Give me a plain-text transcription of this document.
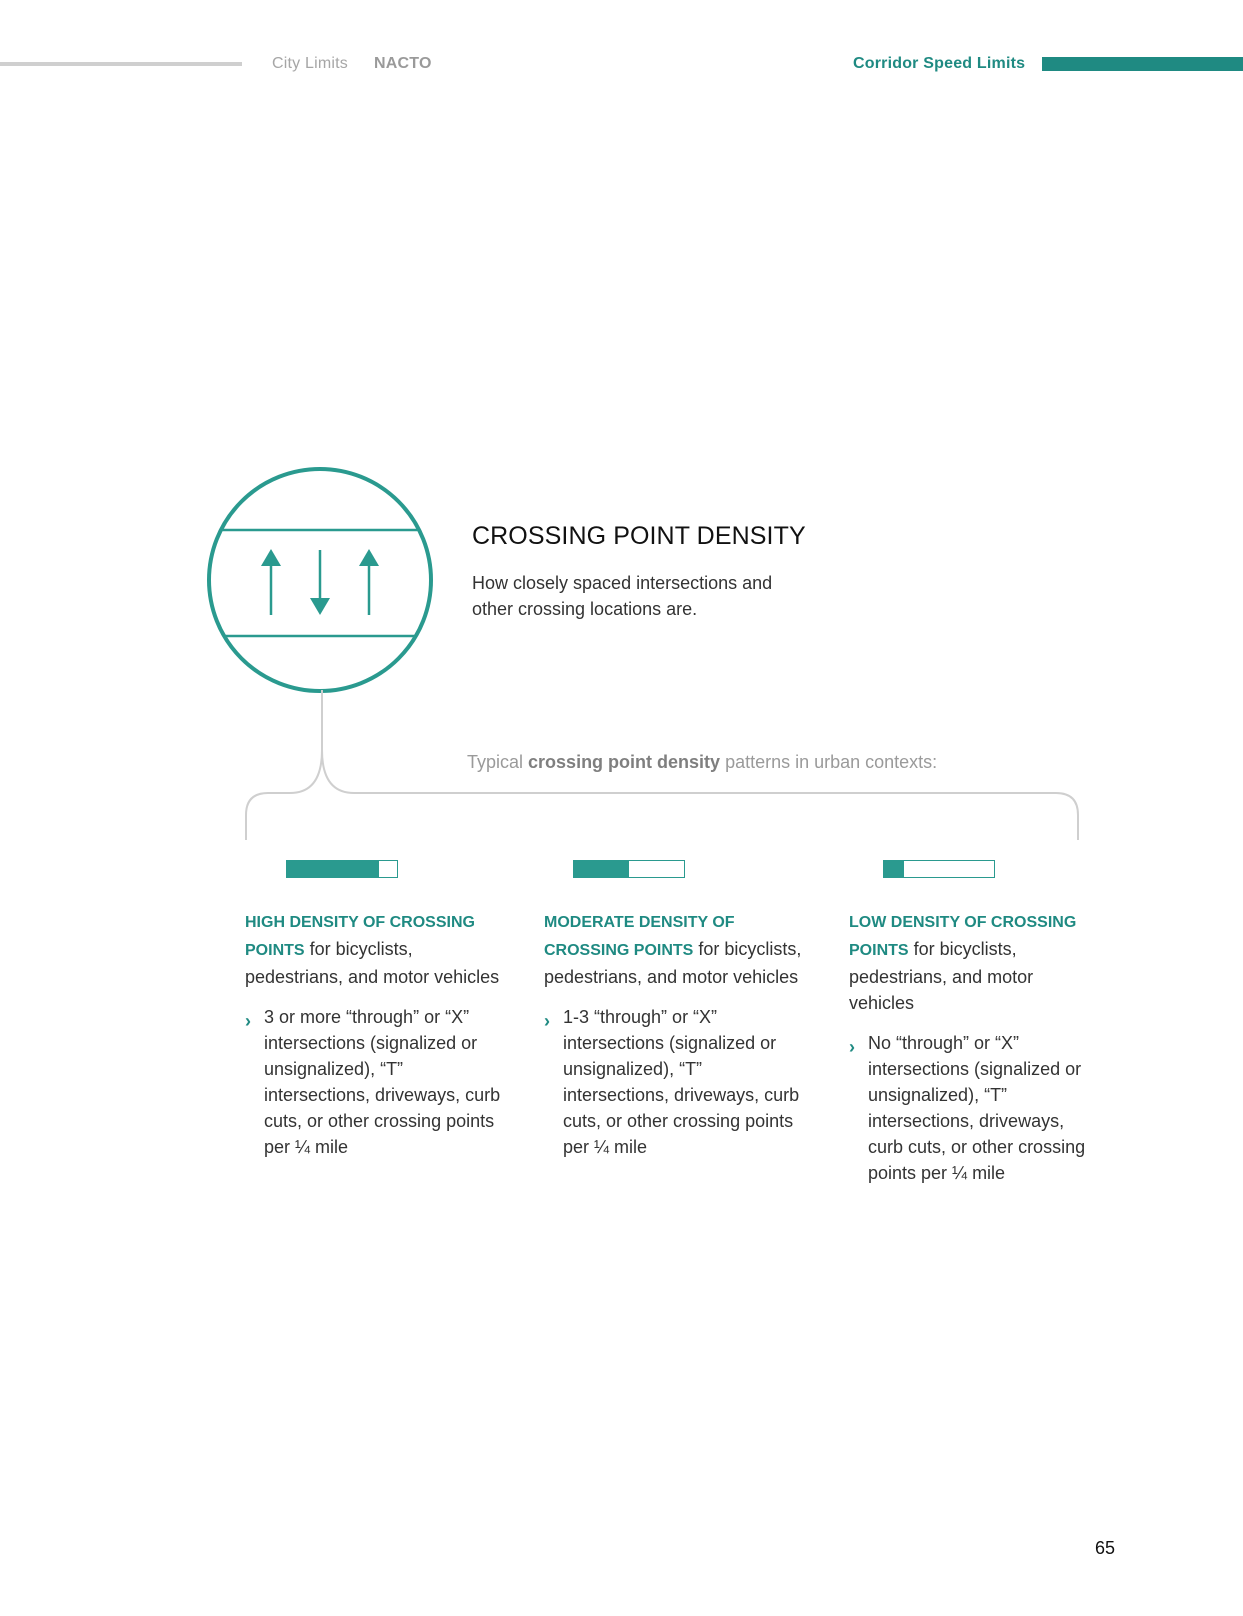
City Limits NACTO	Corridor Speed Limits
CROSSING POINT DENSITY
How closely spaced intersections and other crossing locations are.
Typical crossing point density patterns in urban contexts:
HIGH DENSITY OF CROSSING POINTS for bicyclists, pedestrians, and motor vehicles
› 3 or more “through” or “X” intersections (signalized or unsignalized), “T” intersections, driveways, curb cuts, or other crossing points per ¼ mile
MODERATE DENSITY OF CROSSING POINTS for bicyclists, pedestrians, and motor vehicles
› 1-3 “through” or “X” intersections (signalized or unsignalized), “T” intersections, driveways, curb cuts, or other crossing points per ¼ mile
LOW DENSITY OF CROSSING POINTS for bicyclists, pedestrians, and motor vehicles
› No “through” or “X” intersections (signalized or unsignalized), “T” intersections, driveways, curb cuts, or other crossing points per ¼ mile
65
